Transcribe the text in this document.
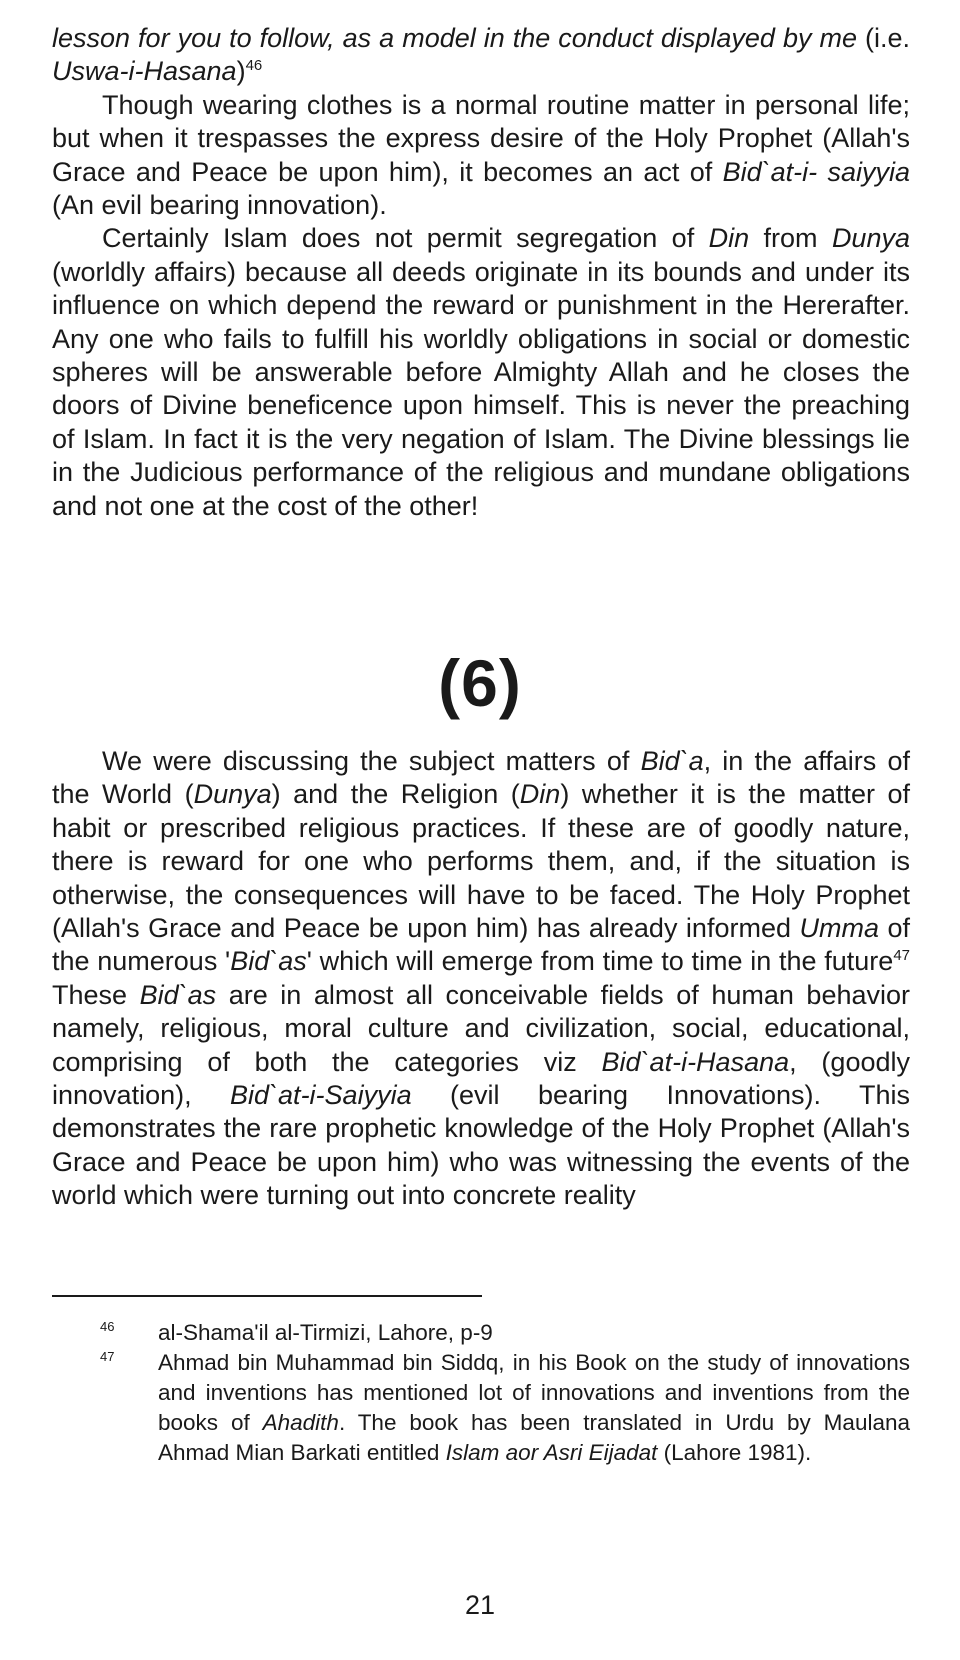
lesson for you to follow, as a model in the conduct displayed by me (i.e. Uswa-i-Hasana)$^{46}$

Though wearing clothes is a normal routine matter in personal life; but when it trespasses the express desire of the Holy Prophet (Allah's Grace and Peace be upon him), it becomes an act of Bid`at-i- saiyyia (An evil bearing innovation).

Certainly Islam does not permit segregation of Din from Dunya (worldly affairs) because all deeds originate in its bounds and under its influence on which depend the reward or punishment in the Hererafter. Any one who fails to fulfill his worldly obligations in social or domestic spheres will be answerable before Almighty Allah and he closes the doors of Divine beneficence upon himself. This is never the preaching of Islam. In fact it is the very negation of Islam. The Divine blessings lie in the Judicious performance of the religious and mundane obligations and not one at the cost of the other!

(6)

We were discussing the subject matters of Bid`a, in the affairs of the World (Dunya) and the Religion (Din) whether it is the matter of habit or prescribed religious practices. If these are of goodly nature, there is reward for one who performs them, and, if the situation is otherwise, the consequences will have to be faced. The Holy Prophet (Allah's Grace and Peace be upon him) has already informed Umma of the numerous 'Bid`as' which will emerge from time to time in the future$^{47}$ These Bid`as are in almost all conceivable fields of human behavior namely, religious, moral culture and civilization, social, educational, comprising of both the categories viz Bid`at-i-Hasana, (goodly innovation), Bid`at-i-Saiyyia (evil bearing Innovations). This demonstrates the rare prophetic knowledge of the Holy Prophet (Allah's Grace and Peace be upon him) who was witnessing the events of the world which were turning out into concrete reality

46 al-Shama'il al-Tirmizi, Lahore, p-9

47 Ahmad bin Muhammad bin Siddq, in his Book on the study of innovations and inventions has mentioned lot of innovations and inventions from the books of Ahadith. The book has been translated in Urdu by Maulana Ahmad Mian Barkati entitled Islam aor Asri Eijadat (Lahore 1981).

21
